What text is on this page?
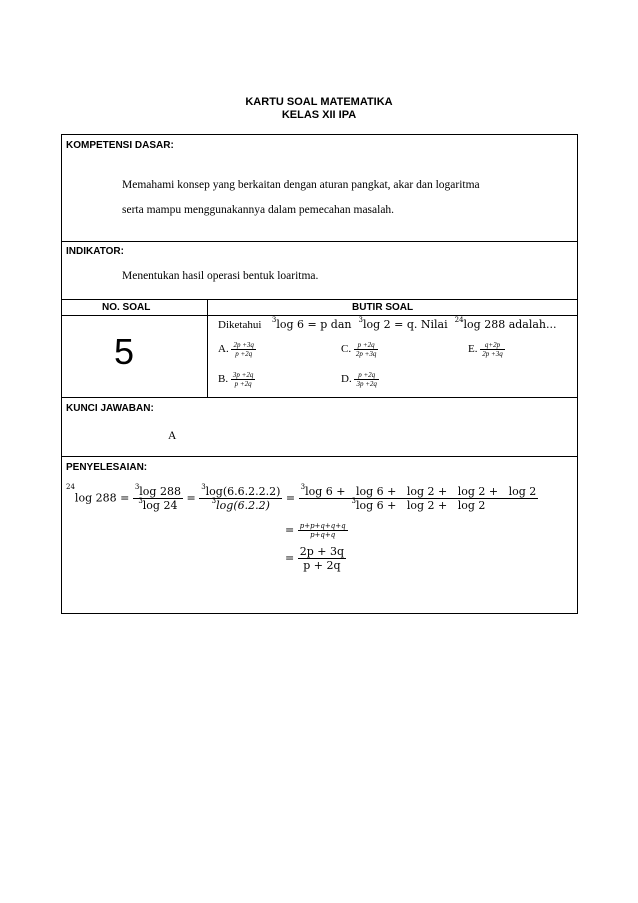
KARTU SOAL MATEMATIKA
KELAS XII IPA
KOMPETENSI DASAR:
Memahami konsep yang berkaitan dengan aturan pangkat, akar dan logaritma
serta mampu menggunakannya dalam pemecahan masalah.
INDIKATOR:
Menentukan hasil operasi bentuk loaritma.
NO. SOAL	BUTIR SOAL
5
Diketahui $^3$log 6 = p dan $^3$log 2 = q. Nilai $^{24}$log 288 adalah...
A. $\frac{2p +3q}{p +2q}$
B. $\frac{3p +2q}{p +2q}$
C. $\frac{p +2q}{2p +3q}$
D. $\frac{p +2q}{3p +2q}$
E. $\frac{q+2p}{2p +3q}$
KUNCI JAWABAN:
A
PENYELESAIAN:
$^{24}$log $288 = \frac{^3\log 288}{^3\log 24} = \frac{^3\log(6.6.2.2.2)}{^3\log(6.2.2)} = \frac{^3\log 6 + \log 6 + \log 2 + \log 2 + \log 2}{^3\log 6 + \log 2 + \log 2}$
= $\frac{p+p+q+q+q}{p+q+q}$
= $\frac{2p + 3q}{p + 2q}$
